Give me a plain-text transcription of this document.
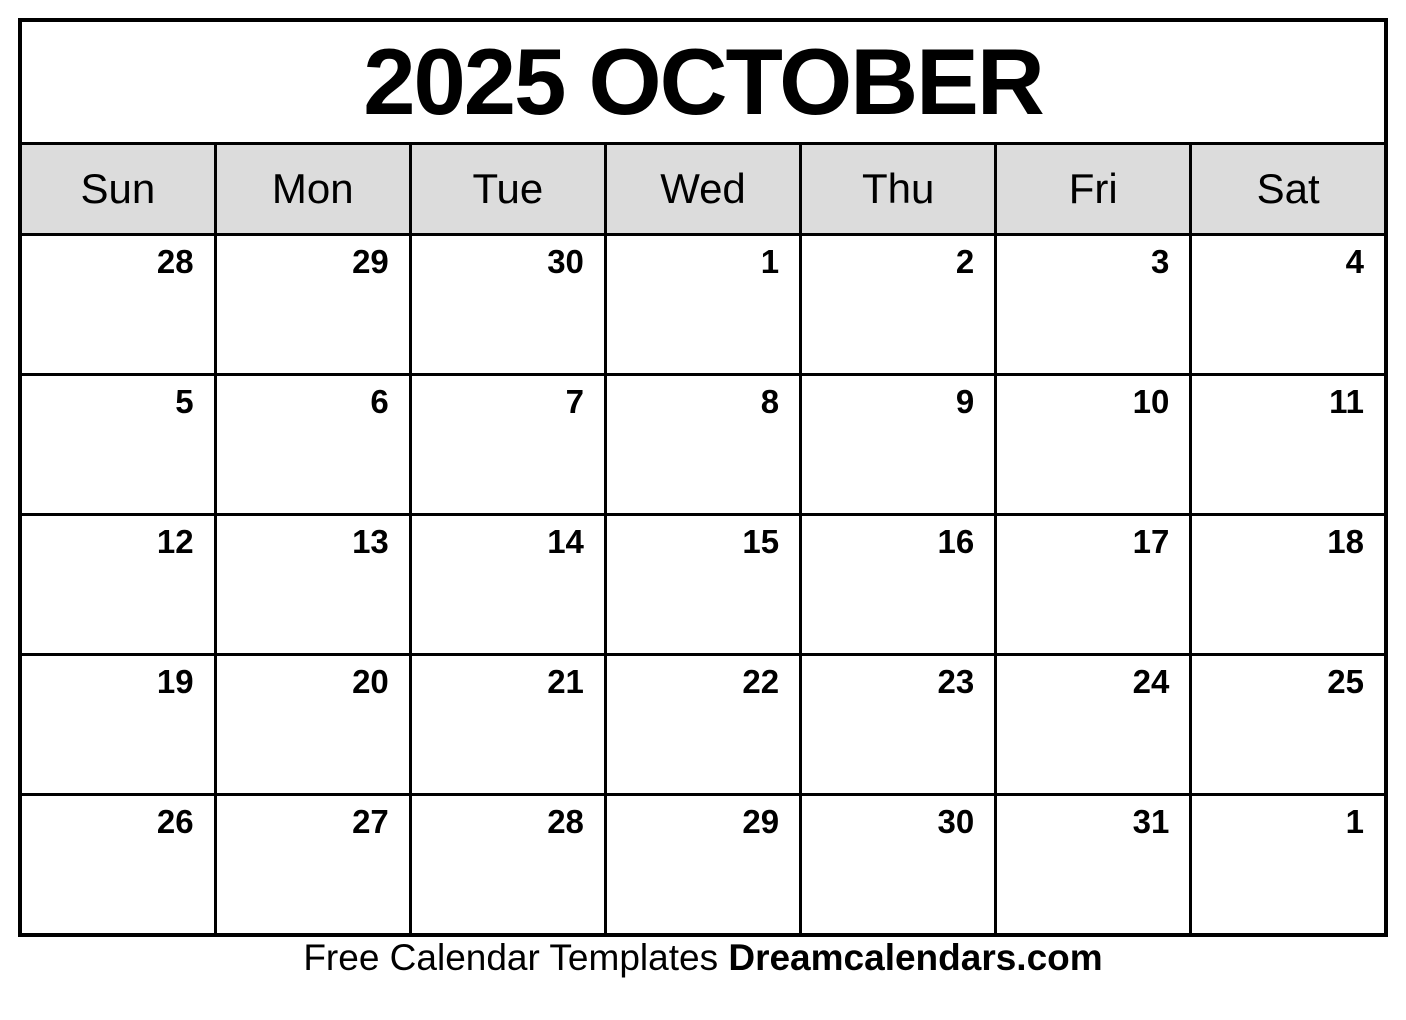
2025 OCTOBER						
Sun	Mon	Tue	Wed	Thu	Fri	Sat
28	29	30	1	2	3	4
5	6	7	8	9	10	11
12	13	14	15	16	17	18
19	20	21	22	23	24	25
26	27	28	29	30	31	1
Free Calendar Templates Dreamcalendars.com
